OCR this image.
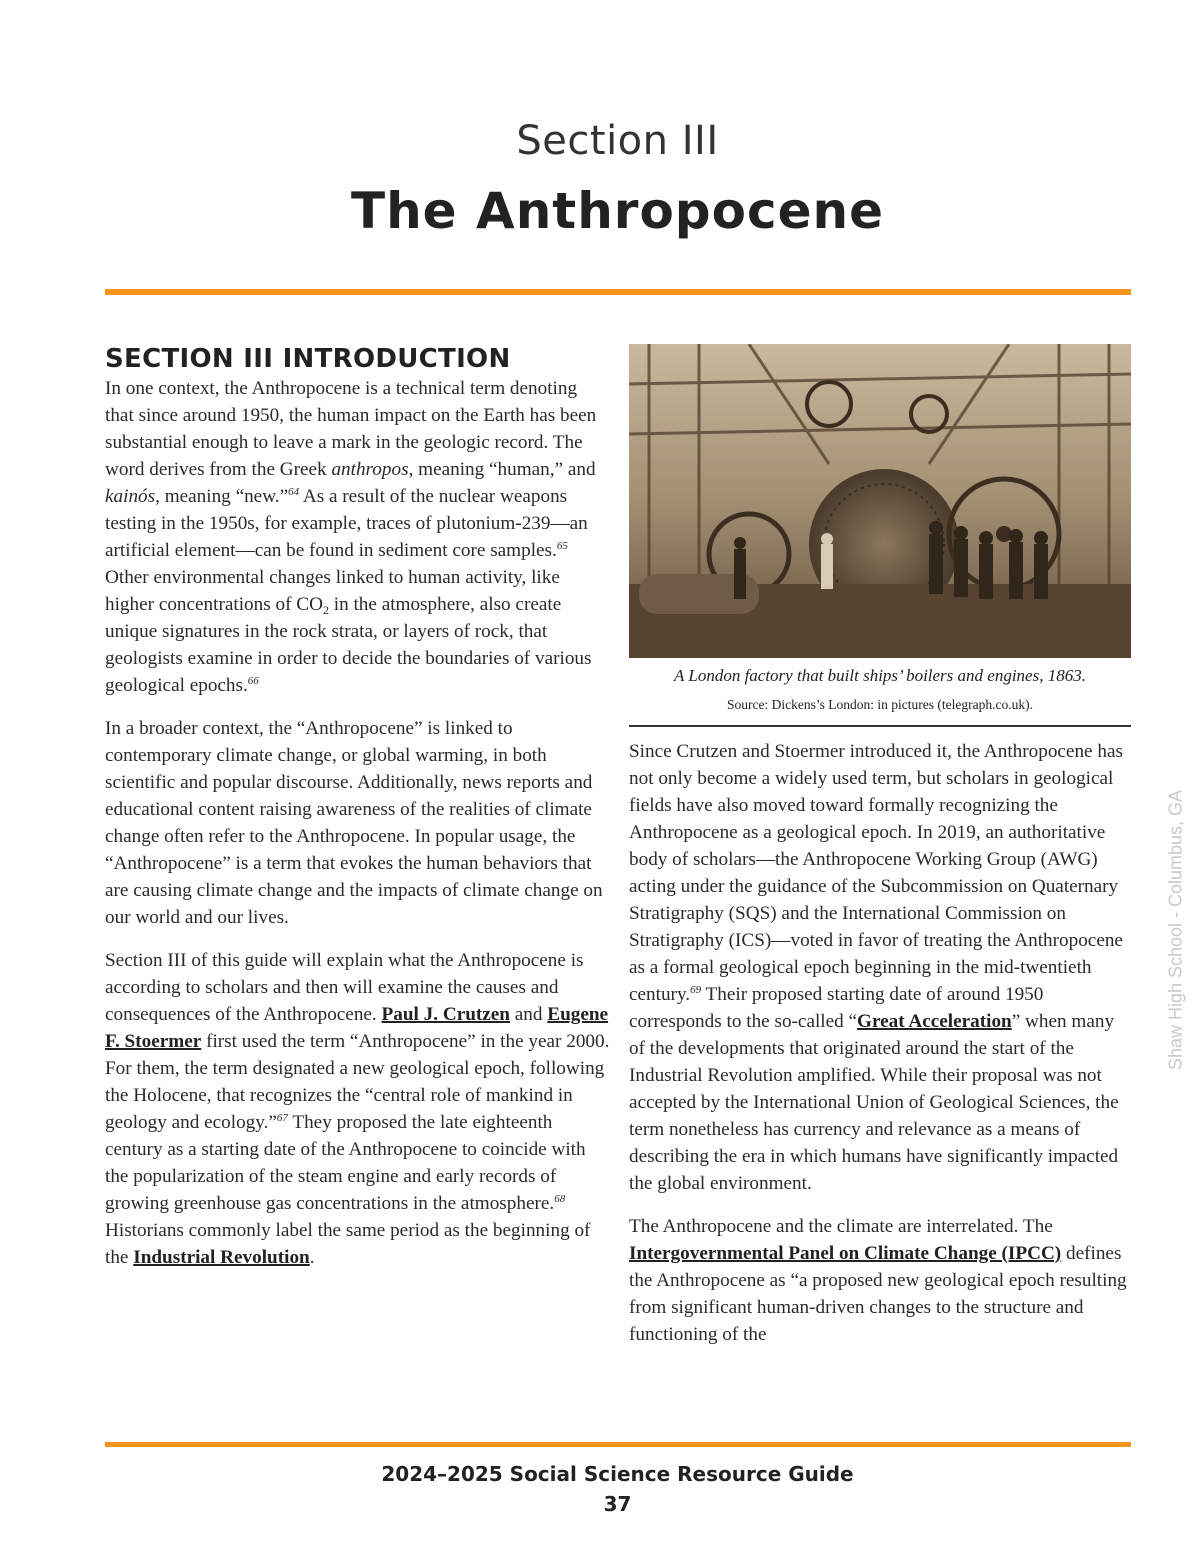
Section III
The Anthropocene
SECTION III INTRODUCTION

In one context, the Anthropocene is a technical term denoting that since around 1950, the human impact on the Earth has been substantial enough to leave a mark in the geologic record. The word derives from the Greek anthropos, meaning “human,” and kainós, meaning “new.”$^{64}$ As a result of the nuclear weapons testing in the 1950s, for example, traces of plutonium-239—an artificial element—can be found in sediment core samples.$^{65}$ Other environmental changes linked to human activity, like higher concentrations of $CO_2$ in the atmosphere, also create unique signatures in the rock strata, or layers of rock, that geologists examine in order to decide the boundaries of various geological epochs.$^{66}$

In a broader context, the “Anthropocene” is linked to contemporary climate change, or global warming, in both scientific and popular discourse. Additionally, news reports and educational content raising awareness of the realities of climate change often refer to the Anthropocene. In popular usage, the “Anthropocene” is a term that evokes the human behaviors that are causing climate change and the impacts of climate change on our world and our lives.

Section III of this guide will explain what the Anthropocene is according to scholars and then will examine the causes and consequences of the Anthropocene. Paul J. Crutzen and Eugene F. Stoermer first used the term “Anthropocene” in the year 2000. For them, the term designated a new geological epoch, following the Holocene, that recognizes the “central role of mankind in geology and ecology.”$^{67}$ They proposed the late eighteenth century as a starting date of the Anthropocene to coincide with the popularization of the steam engine and early records of growing greenhouse gas concentrations in the atmosphere.$^{68}$ Historians commonly label the same period as the beginning of the Industrial Revolution.

A London factory that built ships’ boilers and engines, 1863.
Source: Dickens’s London: in pictures (telegraph.co.uk).

Since Crutzen and Stoermer introduced it, the Anthropocene has not only become a widely used term, but scholars in geological fields have also moved toward formally recognizing the Anthropocene as a geological epoch. In 2019, an authoritative body of scholars—the Anthropocene Working Group (AWG) acting under the guidance of the Subcommission on Quaternary Stratigraphy (SQS) and the International Commission on Stratigraphy (ICS)—voted in favor of treating the Anthropocene as a formal geological epoch beginning in the mid-twentieth century.$^{69}$ Their proposed starting date of around 1950 corresponds to the so-called “Great Acceleration” when many of the developments that originated around the start of the Industrial Revolution amplified. While their proposal was not accepted by the International Union of Geological Sciences, the term nonetheless has currency and relevance as a means of describing the era in which humans have significantly impacted the global environment.

The Anthropocene and the climate are interrelated. The Intergovernmental Panel on Climate Change (IPCC) defines the Anthropocene as “a proposed new geological epoch resulting from significant human-driven changes to the structure and functioning of the

Shaw High School - Columbus, GA
2024–2025 Social Science Resource Guide
37
